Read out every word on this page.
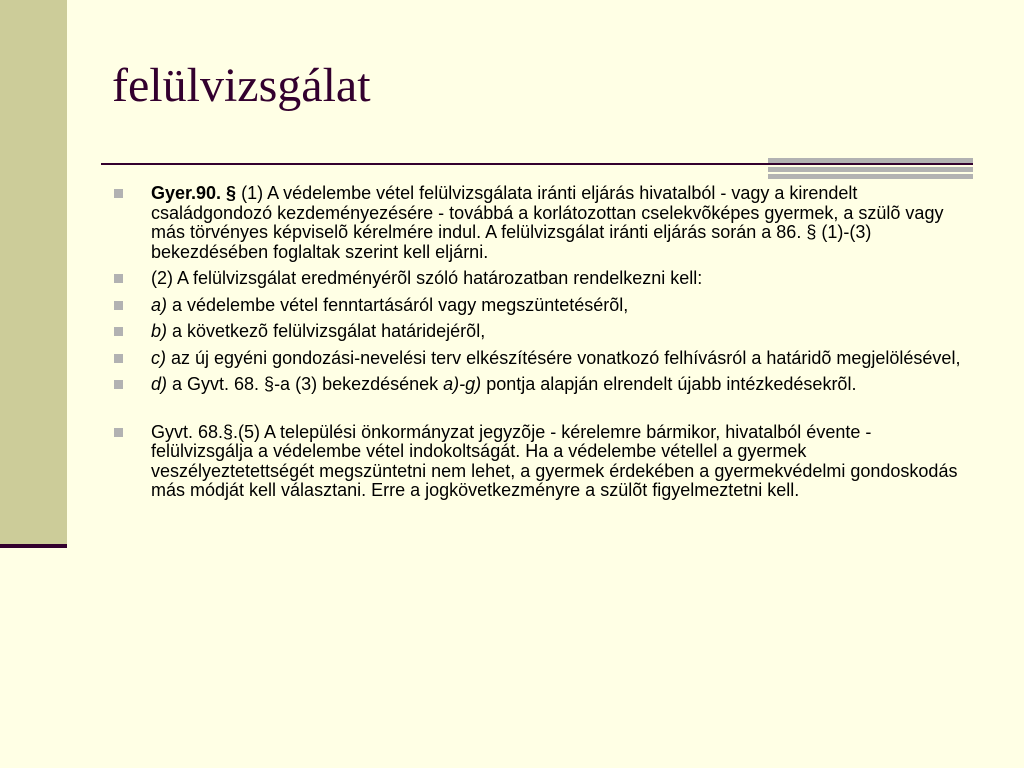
felülvizsgálat
Gyer.90. § (1) A védelembe vétel felülvizsgálata iránti eljárás hivatalból - vagy a kirendelt családgondozó kezdeményezésére - továbbá a korlátozottan cselekvõképes gyermek, a szülõ vagy más törvényes képviselõ kérelmére indul. A felülvizsgálat iránti eljárás során a 86. § (1)-(3) bekezdésében foglaltak szerint kell eljárni.
(2) A felülvizsgálat eredményérõl szóló határozatban rendelkezni kell:
a) a védelembe vétel fenntartásáról vagy megszüntetésérõl,
b) a következõ felülvizsgálat határidejérõl,
c) az új egyéni gondozási-nevelési terv elkészítésére vonatkozó felhívásról a határidõ megjelölésével,
d) a Gyvt. 68. §-a (3) bekezdésének a)-g) pontja alapján elrendelt újabb intézkedésekrõl.
Gyvt. 68.§.(5) A települési önkormányzat jegyzõje - kérelemre bármikor, hivatalból évente - felülvizsgálja a védelembe vétel indokoltságát. Ha a védelembe vétellel a gyermek veszélyeztetettségét megszüntetni nem lehet, a gyermek érdekében a gyermekvédelmi gondoskodás más módját kell választani. Erre a jogkövetkezményre a szülõt figyelmeztetni kell.
